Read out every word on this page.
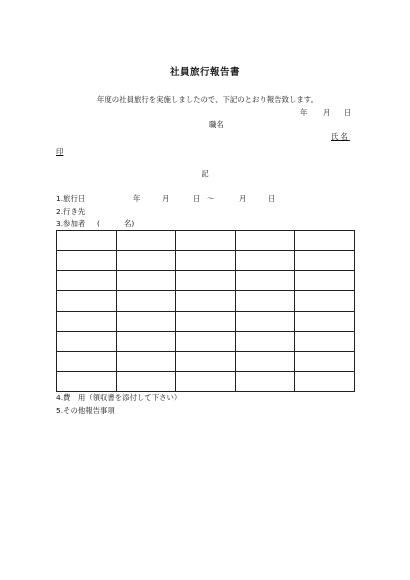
社員旅行報告書
年度の社員旅行を実施しましたので、下記のとおり報告致します。
年 月 日
職名
氏名
印
記
1.旅行日	年	月	日 ～	月	日
2.行き先
3.参加者 (	名)

4.費　用（領収書を添付して下さい）
5.その他報告事項
